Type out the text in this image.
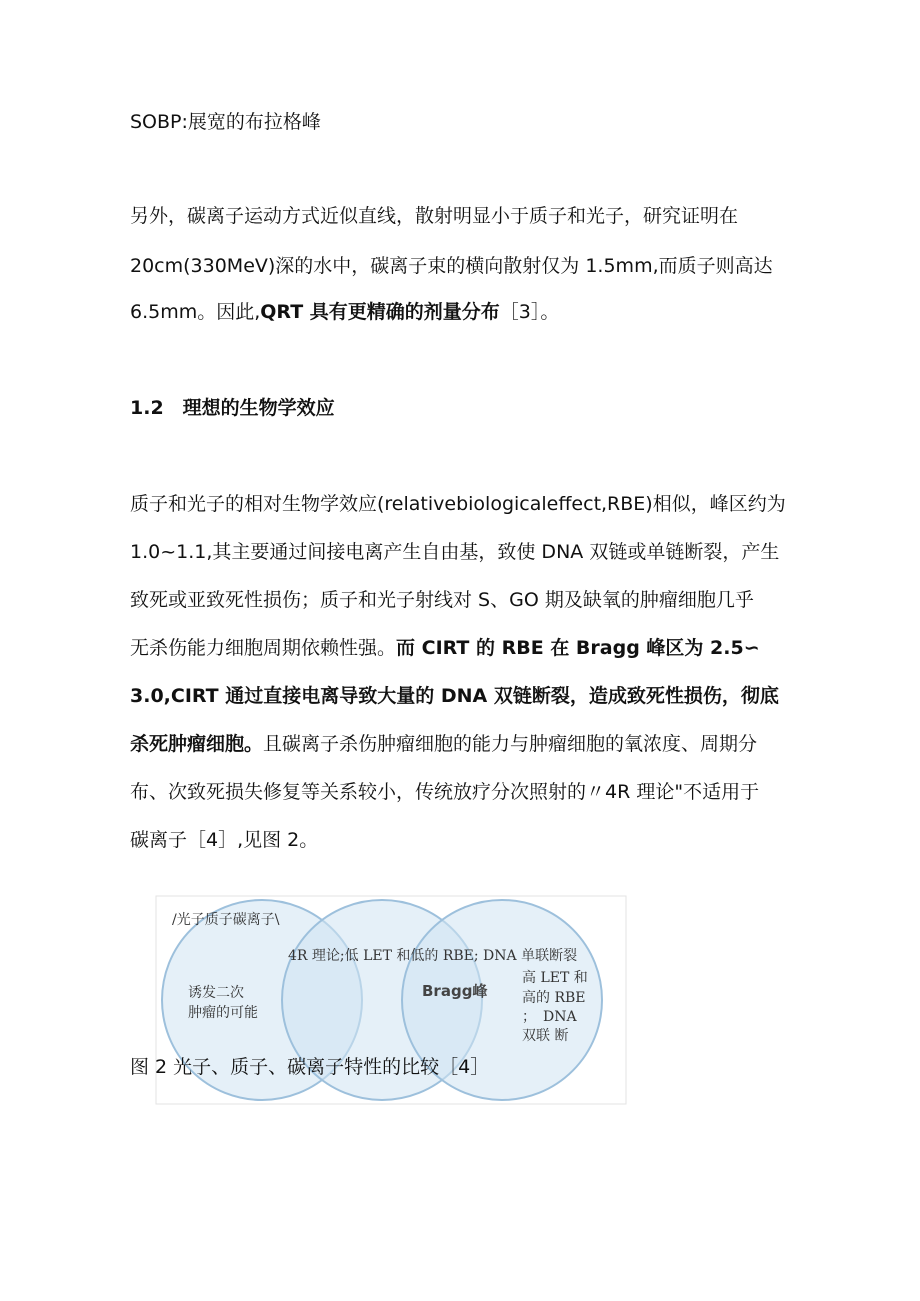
SOBP:展宽的布拉格峰
另外，碳离子运动方式近似直线，散射明显小于质子和光子，研究证明在
20cm(330MeV)深的水中，碳离子束的横向散射仅为 1.5mm,而质子则高达
6.5mm。因此,QRT 具有更精确的剂量分布［3］。
1.2　理想的生物学效应
质子和光子的相对生物学效应(relativebiologicaleffect,RBE)相似，峰区约为
1.0~1.1,其主要通过间接电离产生自由基，致使 DNA 双链或单链断裂，产生
致死或亚致死性损伤；质子和光子射线对 S、GO 期及缺氧的肿瘤细胞几乎
无杀伤能力细胞周期依赖性强。而 CIRT 的 RBE 在 Bragg 峰区为 2.5∽
3.0,CIRT 通过直接电离导致大量的 DNA 双链断裂，造成致死性损伤，彻底
杀死肿瘤细胞。且碳离子杀伤肿瘤细胞的能力与肿瘤细胞的氧浓度、周期分
布、次致死损失修复等关系较小，传统放疗分次照射的〃4R 理论"不适用于
碳离子［4］,见图 2。
/光子质子碳离子\
4R 理论;低 LET 和低的 RBE; DNA 单联断裂
诱发二次
肿瘤的可能
Bragg峰
高 LET 和
高的 RBE
；　DNA
双联 断
图 2 光子、质子、碳离子特性的比较［4］
